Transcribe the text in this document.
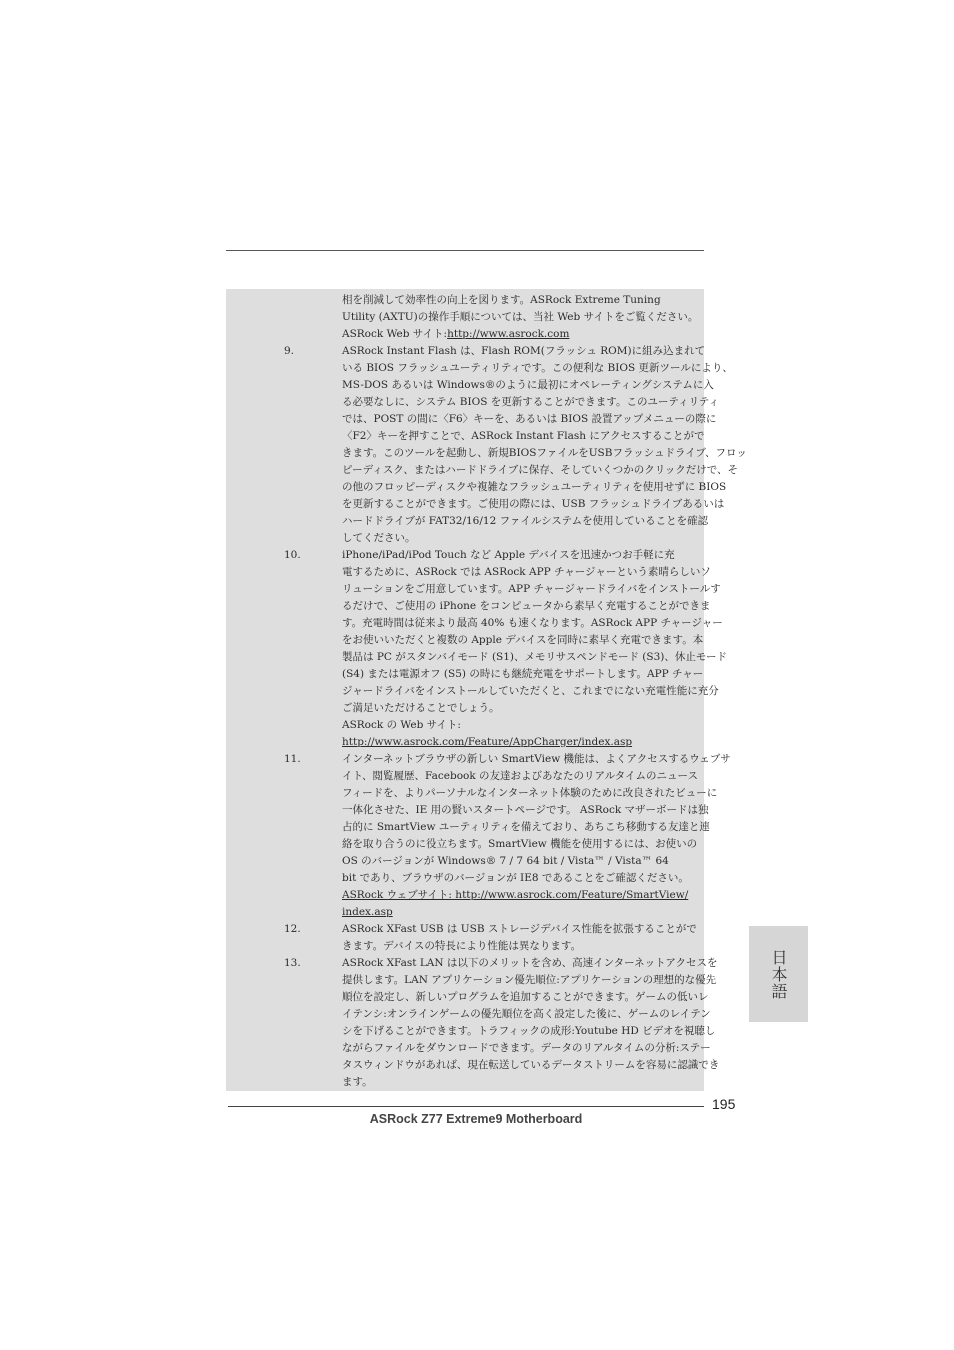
相を削減して効率性の向上を図ります。ASRock Extreme Tuning
Utility (AXTU)の操作手順については、当社 Web サイトをご覧ください。
ASRock Web サイト:http://www.asrock.com
9.	ASRock Instant Flash は、Flash ROM(フラッシュ ROM)に組み込まれて
いる BIOS フラッシュユーティリティです。この便利な BIOS 更新ツールにより、
MS-DOS あるいは Windows®のように最初にオペレーティングシステムに入
る必要なしに、システム BIOS を更新することができます。このユーティリティ
では、POST の間に〈F6〉キーを、あるいは BIOS 設置アップメニューの際に
〈F2〉キーを押すことで、ASRock Instant Flash にアクセスすることがで
きます。このツールを起動し、新規BIOSファイルをUSBフラッシュドライブ、フロッ
ピーディスク、またはハードドライブに保存、そしていくつかのクリックだけで、そ
の他のフロッピーディスクや複雑なフラッシュユーティリティを使用せずに BIOS
を更新することができます。ご使用の際には、USB フラッシュドライブあるいは
ハードドライブが FAT32/16/12 ファイルシステムを使用していることを確認
してください。
10.	iPhone/iPad/iPod Touch など Apple デバイスを迅速かつお手軽に充
電するために、ASRock では ASRock APP チャージャーという素晴らしいソ
リューションをご用意しています。APP チャージャードライバをインストールす
るだけで、ご使用の iPhone をコンピュータから素早く充電することができま
す。充電時間は従来より最高 40% も速くなります。ASRock APP チャージャー
をお使いいただくと複数の Apple デバイスを同時に素早く充電できます。本
製品は PC がスタンバイモード (S1)、メモリサスペンドモード (S3)、休止モード
(S4) または電源オフ (S5) の時にも継続充電をサポートします。APP チャー
ジャードライバをインストールしていただくと、これまでにない充電性能に充分
ご満足いただけることでしょう。
ASRock の Web サイト:
http://www.asrock.com/Feature/AppCharger/index.asp
11.	インターネットブラウザの新しい SmartView 機能は、よくアクセスするウェブサ
イト、閲覧履歴、Facebook の友達およびあなたのリアルタイムのニュース
フィードを、よりパーソナルなインターネット体験のために改良されたビューに
一体化させた、IE 用の賢いスタートページです。 ASRock マザーボードは独
占的に SmartView ユーティリティを備えており、あちこち移動する友達と連
絡を取り合うのに役立ちます。SmartView 機能を使用するには、お使いの
OS のバージョンが Windows® 7 / 7 64 bit / Vista™ / Vista™ 64
bit であり、ブラウザのバージョンが IE8 であることをご確認ください。
ASRock ウェブサイト: http://www.asrock.com/Feature/SmartView/
index.asp
12.	ASRock XFast USB は USB ストレージデバイス性能を拡張することがで
きます。デバイスの特長により性能は異なります。
13.	ASRock XFast LAN は以下のメリットを含め、高速インターネットアクセスを
提供します。LAN アプリケーション優先順位:アプリケーションの理想的な優先
順位を設定し、新しいプログラムを追加することができます。ゲームの低いレ
イテンシ:オンラインゲームの優先順位を高く設定した後に、ゲームのレイテン
シを下げることができます。トラフィックの成形:Youtube HD ビデオを視聴し
ながらファイルをダウンロードできます。データのリアルタイムの分析:ステー
タスウィンドウがあれば、現在転送しているデータストリームを容易に認識でき
ます。
195
ASRock Z77 Extreme9 Motherboard
日本語
